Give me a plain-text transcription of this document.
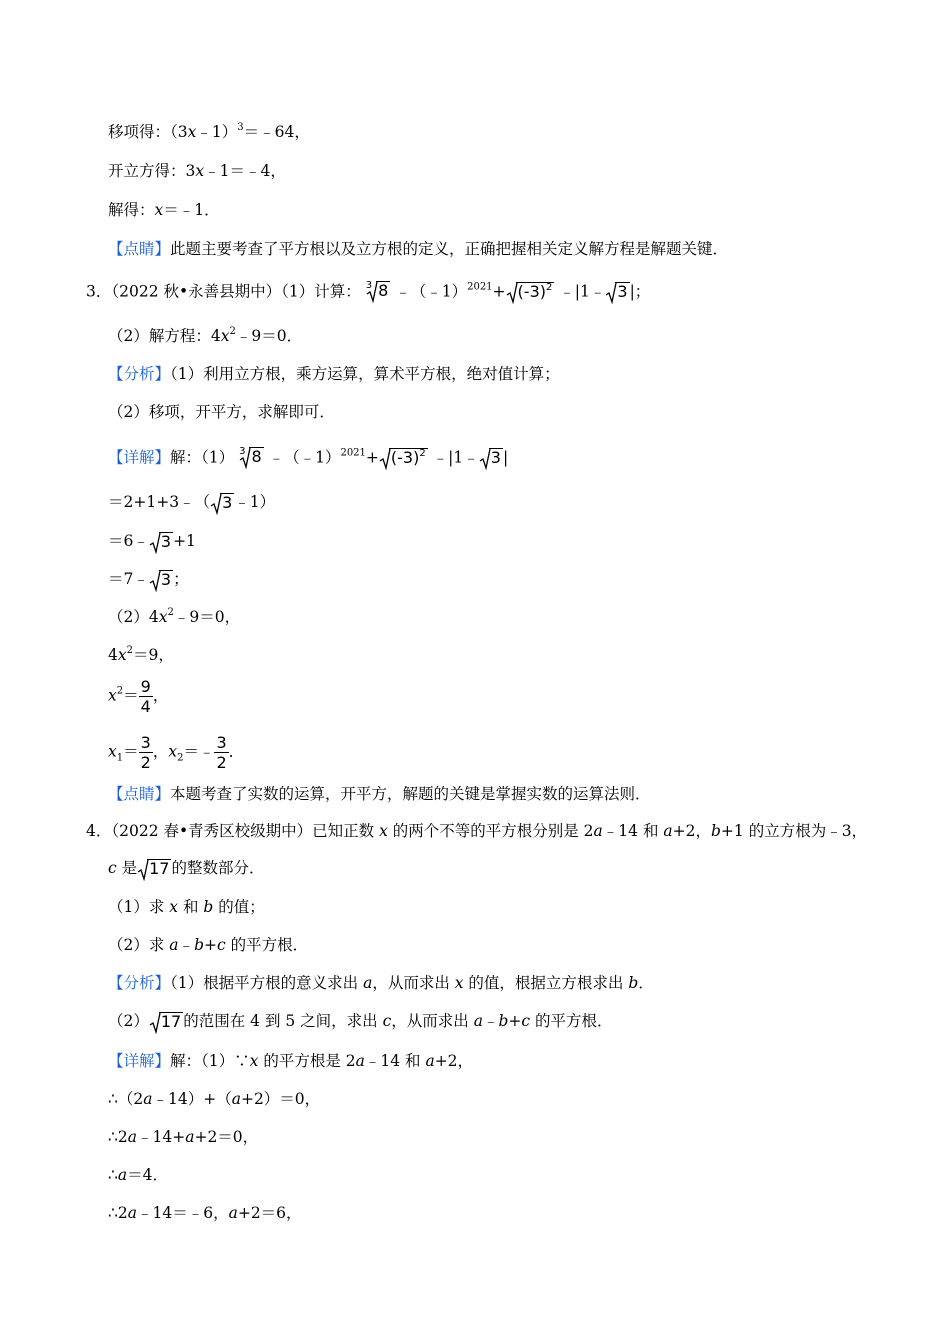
移项得：（3x﹣1）$^3$＝﹣64，
开立方得：3x﹣1＝﹣4，
解得：x＝﹣1．
【点睛】此题主要考查了平方根以及立方根的定义，正确把握相关定义解方程是解题关键．
3．（2022 秋•永善县期中）（1）计算： $^3$ 8 ﹣（﹣1）$^{2021}$+ $(-3)^2$ ﹣|1﹣ 3 |；
（2）解方程：$4x^2﹣9=0$．
【分析】（1）利用立方根，乘方运算，算术平方根，绝对值计算；
（2）移项，开平方，求解即可．
【详解】解：（1） $^3$ 8 ﹣（﹣1）$^{2021}$+ $(-3)^2$ ﹣|1﹣ 3 |
＝2+1+3﹣（ 3 ﹣1）
＝6﹣ 3 +1
＝7﹣ 3 ；
$(2)4x^2﹣9=0$，
$4x^2=9$，
$x^2= \frac{9}{4}$ ，
$x_1= \frac{3}{2}$ ，$x_2=﹣ \frac{3}{2}$ ．
【点睛】本题考查了实数的运算，开平方，解题的关键是掌握实数的运算法则．
4．（2022 春•青秀区校级期中）已知正数 x 的两个不等的平方根分别是 2a﹣14 和 a+2，b+1 的立方根为﹣3，
c 是 17 的整数部分．
（1）求 x 和 b 的值；
（2）求 a﹣b+c 的平方根．
【分析】（1）根据平方根的意义求出 a，从而求出 x 的值，根据立方根求出 b．
（2） 17 的范围在 4 到 5 之间，求出 c，从而求出 a﹣b+c 的平方根．
【详解】解：（1）∵x 的平方根是 2a﹣14 和 a+2，
∴（2a﹣14）+（a+2）＝0，
∴2a﹣14+a+2＝0，
∴a＝4．
∴2a﹣14＝﹣6，a+2＝6，
